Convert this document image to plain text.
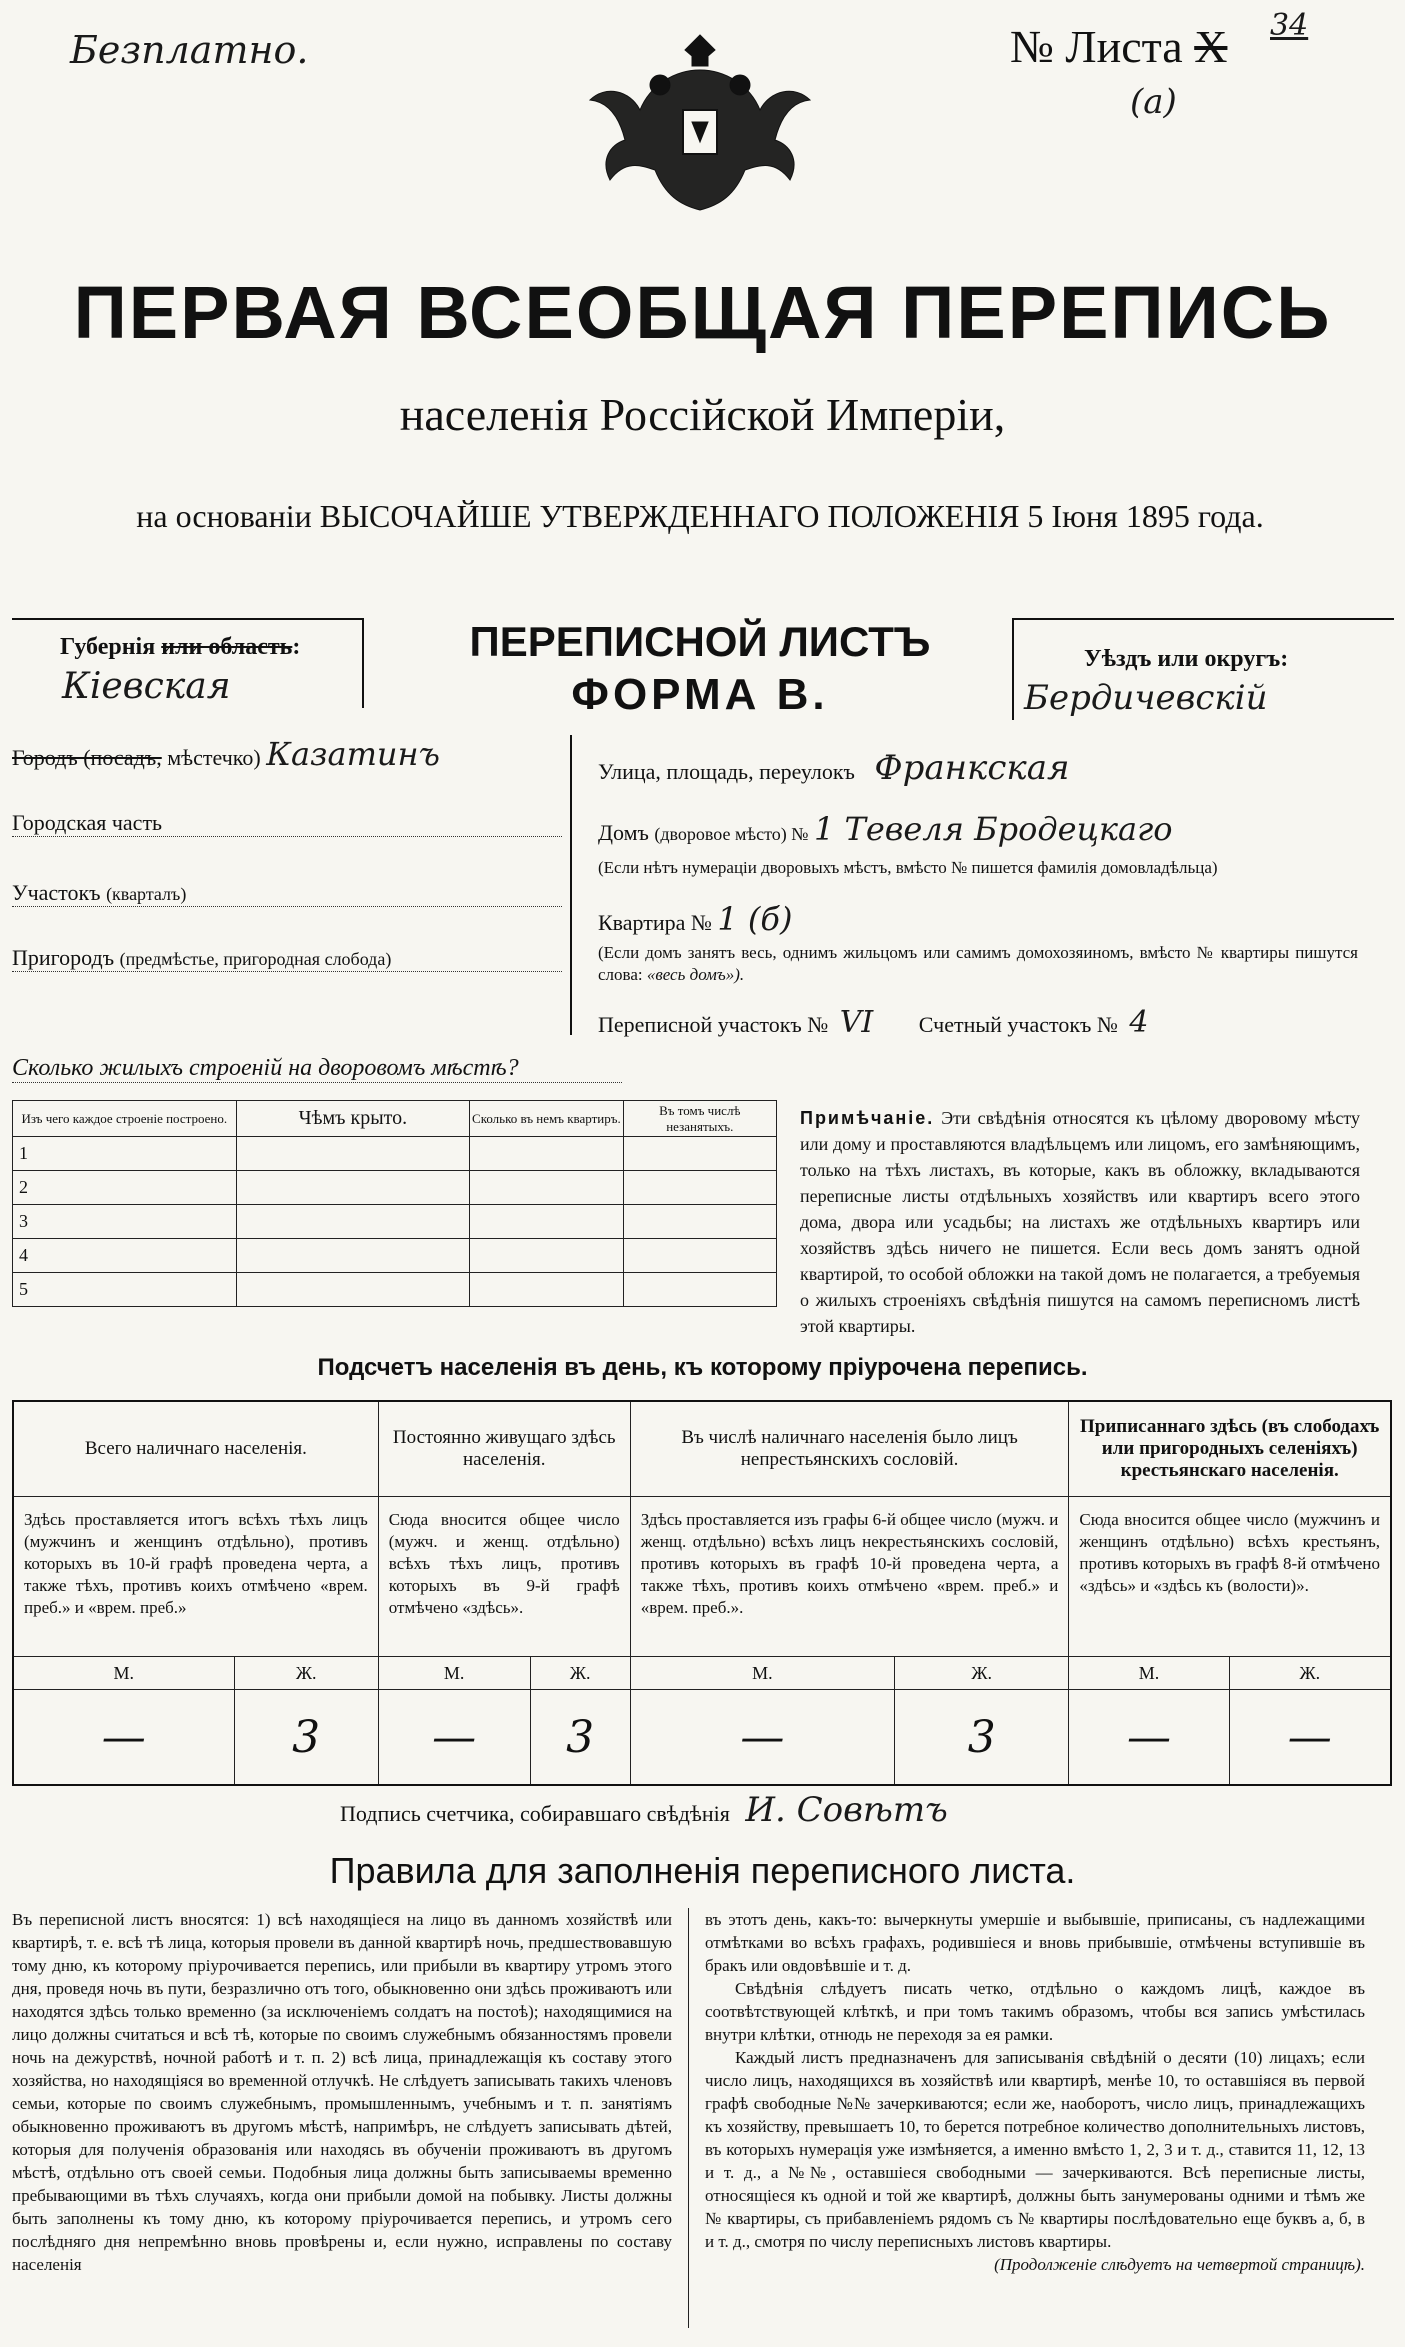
Безплатно.	№ Листа X 34
(а)
ПЕРВАЯ ВСЕОБЩАЯ ПЕРЕПИСЬ
населенія Россійской Имперіи,
на основаніи ВЫСОЧАЙШЕ УТВЕРЖДЕННАГО ПОЛОЖЕНІЯ 5 Іюня 1895 года.
Губернія или область:
Кіевская
ПЕРЕПИСНОЙ ЛИСТЪ
ФОРМА В.
Уѣздъ или округъ:
Бердичевскій
Городъ (посадъ, мѣстечко) Казатинъ
Городская часть
Участокъ (кварталъ)
Пригородъ (предмѣстье, пригородная слобода)
Улица, площадь, переулокъ Франкская
Домъ (дворовое мѣсто) № 1 Тевеля Бродецкаго
(Если нѣтъ нумераціи дворовыхъ мѣстъ, вмѣсто № пишется фамилія домовладѣльца)
Квартира № 1 (б)
(Если домъ занятъ весь, однимъ жильцомъ или самимъ домохозяиномъ, вмѣсто № квартиры пишутся слова: «весь домъ»).
Переписной участокъ № VI Счетный участокъ № 4
Сколько жилыхъ строеній на дворовомъ мѣстѣ?
Изъ чего каждое строеніе построено.	Чѣмъ крыто.	Сколько въ немъ квартиръ.	Въ томъ числѣ незанятыхъ.
1			
2			
3			
4			
5			
Примѣчаніе. Эти свѣдѣнія относятся къ цѣлому дворовому мѣсту или дому и проставляются владѣльцемъ или лицомъ, его замѣняющимъ, только на тѣхъ листахъ, въ которые, какъ въ обложку, вкладываются переписные листы отдѣльныхъ хозяйствъ или квартиръ всего этого дома, двора или усадьбы; на листахъ же отдѣльныхъ квартиръ или хозяйствъ здѣсь ничего не пишется. Если весь домъ занятъ одной квартирой, то особой обложки на такой домъ не полагается, а требуемыя о жилыхъ строеніяхъ свѣдѣнія пишутся на самомъ переписномъ листѣ этой квартиры.
Подсчетъ населенія въ день, къ которому пріурочена перепись.
Всего наличнаго населенія.		Постоянно живущаго здѣсь населенія.		Въ числѣ наличнаго населенія было лицъ непрестьянскихъ сословій.		Приписаннаго здѣсь (въ слободахъ или пригородныхъ селеніяхъ) крестьянскаго населенія.	
Здѣсь проставляется итогъ всѣхъ тѣхъ лицъ (мужчинъ и женщинъ отдѣльно), противъ которыхъ въ 10-й графѣ проведена черта, а также тѣхъ, противъ коихъ отмѣчено «врем. преб.» и «врем. преб.»		Сюда вносится общее число (мужч. и женщ. отдѣльно) всѣхъ тѣхъ лицъ, противъ которыхъ въ 9-й графѣ отмѣчено «здѣсь».		Здѣсь проставляется изъ графы 6-й общее число (мужч. и женщ. отдѣльно) всѣхъ лицъ некрестьянскихъ сословій, противъ которыхъ въ графѣ 10-й проведена черта, а также тѣхъ, противъ коихъ отмѣчено «врем. преб.» и «врем. преб.».		Сюда вносится общее число (мужчинъ и женщинъ отдѣльно) всѣхъ крестьянъ, противъ которыхъ въ графѣ 8-й отмѣчено «здѣсь» и «здѣсь къ (волости)».	
М.	Ж.	М.	Ж.	М.	Ж.	М.	Ж.
—	3	—	3	—	3	—	—
Подпись счетчика, собиравшаго свѣдѣнія И. Совѣтъ
Правила для заполненія переписного листа.
Въ переписной листъ вносятся: 1) всѣ находящіеся на лицо въ данномъ хозяйствѣ или квартирѣ, т. е. всѣ тѣ лица, которыя провели въ данной квартирѣ ночь, предшествовавшую тому дню, къ которому пріурочивается перепись, или прибыли въ квартиру утромъ этого дня, проведя ночь въ пути, безразлично отъ того, обыкновенно они здѣсь проживаютъ или находятся здѣсь только временно (за исключеніемъ солдатъ на постоѣ); находящимися на лицо должны считаться и всѣ тѣ, которые по своимъ служебнымъ обязанностямъ провели ночь на дежурствѣ, ночной работѣ и т. п. 2) всѣ лица, принадлежащія къ составу этого хозяйства, но находящіяся во временной отлучкѣ. Не слѣдуетъ записывать такихъ членовъ семьи, которые по своимъ служебнымъ, промышленнымъ, учебнымъ и т. п. занятіямъ обыкновенно проживаютъ въ другомъ мѣстѣ, напримѣръ, не слѣдуетъ записывать дѣтей, которыя для полученія образованія или находясь въ обученіи проживаютъ въ другомъ мѣстѣ, отдѣльно отъ своей семьи. Подобныя лица должны быть записываемы временно пребывающими въ тѣхъ случаяхъ, когда они прибыли домой на побывку. Листы должны быть заполнены къ тому дню, къ которому пріурочивается перепись, и утромъ сего послѣдняго дня непремѣнно вновь провѣрены и, если нужно, исправлены по составу населенія
въ этотъ день, какъ-то: вычеркнуты умершіе и выбывшіе, приписаны, съ надлежащими отмѣтками во всѣхъ графахъ, родившіеся и вновь прибывшіе, отмѣчены вступившіе въ бракъ или овдовѣвшіе и т. д.
Свѣдѣнія слѣдуетъ писать четко, отдѣльно о каждомъ лицѣ, каждое въ соотвѣтствующей клѣткѣ, и при томъ такимъ образомъ, чтобы вся запись умѣстилась внутри клѣтки, отнюдь не переходя за ея рамки.
Каждый листъ предназначенъ для записыванія свѣдѣній о десяти (10) лицахъ; если число лицъ, находящихся въ хозяйствѣ или квартирѣ, менѣе 10, то оставшіяся въ первой графѣ свободные №№ зачеркиваются; если же, наоборотъ, число лицъ, принадлежащихъ къ хозяйству, превышаетъ 10, то берется потребное количество дополнительныхъ листовъ, въ которыхъ нумерація уже измѣняется, а именно вмѣсто 1, 2, 3 и т. д., ставится 11, 12, 13 и т. д., а №№, оставшіеся свободными — зачеркиваются. Всѣ переписные листы, относящіеся къ одной и той же квартирѣ, должны быть занумерованы одними и тѣмъ же № квартиры, съ прибавленіемъ рядомъ съ № квартиры послѣдовательно еще буквъ а, б, в и т. д., смотря по числу переписныхъ листовъ квартиры.
(Продолженіе слѣдуетъ на четвертой страницѣ).
